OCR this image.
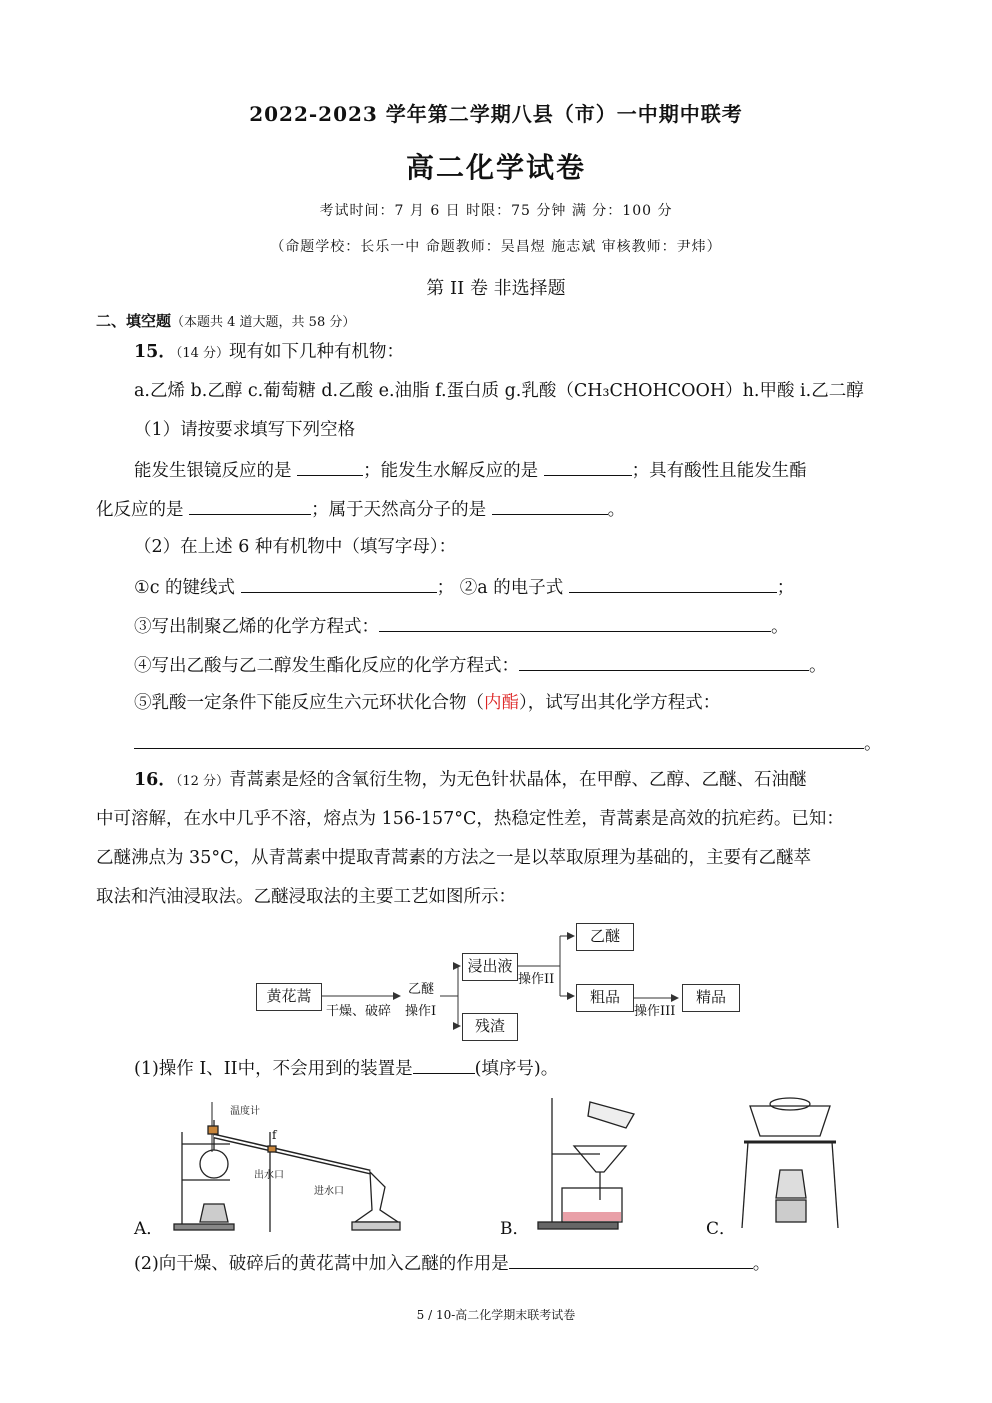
2022-2023 学年第二学期八县（市）一中期中联考
高二化学试卷
考试时间：7 月 6 日 时限：75 分钟 满 分：100 分
（命题学校：长乐一中 命题教师：吴昌煜 施志斌 审核教师：尹炜）
第 II 卷 非选择题
二、填空题（本题共 4 道大题，共 58 分）
15．（14 分）现有如下几种有机物：
a.乙烯 b.乙醇 c.葡萄糖 d.乙酸 e.油脂 f.蛋白质 g.乳酸（CH₃CHOHCOOH）h.甲酸 i.乙二醇
（1）请按要求填写下列空格
能发生银镜反应的是	；能发生水解反应的是	；具有酸性且能发生酯
化反应的是	；属于天然高分子的是	。
（2）在上述 6 种有机物中（填写字母）：
①c 的键线式	； ②a 的电子式	；
③写出制聚乙烯的化学方程式：	。
④写出乙酸与乙二醇发生酯化反应的化学方程式：	。
⑤乳酸一定条件下能反应生六元环状化合物（内酯），试写出其化学方程式：
。
16．（12 分）青蒿素是烃的含氧衍生物，为无色针状晶体，在甲醇、乙醇、乙醚、石油醚
中可溶解，在水中几乎不溶，熔点为 156-157°C，热稳定性差，青蒿素是高效的抗疟药。已知：
乙醚沸点为 35°C，从青蒿素中提取青蒿素的方法之一是以萃取原理为基础的，主要有乙醚萃
取法和汽油浸取法。乙醚浸取法的主要工艺如图所示：
黄花蒿
干燥、破碎
乙醚
操作I
浸出液
残渣
操作II
乙醚
粗品
操作III
精品
(1)操作 I、II中，不会用到的装置是	(填序号)。
温度计
f
出水口
进水口
A．	B．	C．
(2)向干燥、破碎后的黄花蒿中加入乙醚的作用是	。
5 / 10-高二化学期末联考试卷
